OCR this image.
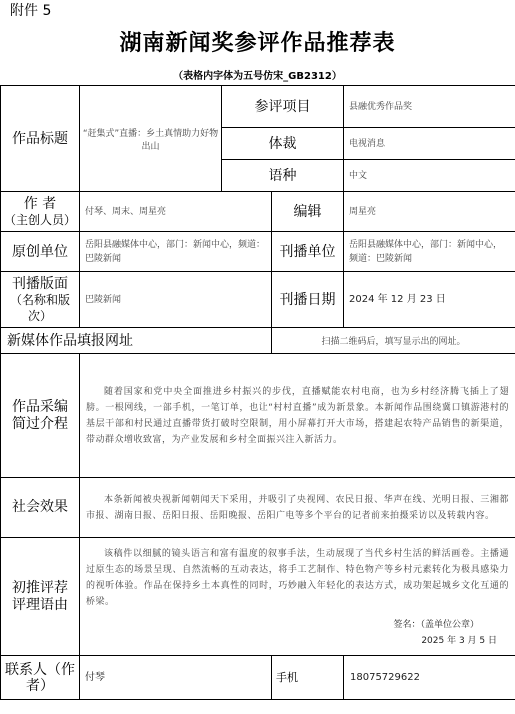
附件 5
湖南新闻奖参评作品推荐表
（表格内字体为五号仿宋_GB2312）
作品标题	“赶集式”直播：乡土真情助力好物出山	参评项目		县融优秀作品奖
		体裁		电视消息
		语种		中文

作 者
（主创人员）	付琴、周末、周星亮		编辑	周星亮
原创单位	岳阳县融媒体中心，部门：新闻中心，频道：巴陵新闻		刊播单位	岳阳县融媒体中心，部门：新闻中心，频道：巴陵新闻

刊播版面
（名称和版次）	巴陵新闻		刊播日期	2024 年 12 月 23 日
新媒体作品填报网址			扫描二维码后，填写显示出的网址。	
作品采编简过介程	随着国家和党中央全面推进乡村振兴的步伐，直播赋能农村电商，也为乡村经济腾飞插上了翅膀。一根网线，一部手机，一笔订单，也让“村村直播”成为新景象。本新闻作品围绕冀口镇游港村的基层干部和村民通过直播带货打破时空限制，用小屏幕打开大市场，搭建起农特产品销售的新渠道，带动群众增收致富，为产业发展和乡村全面振兴注入新活力。			
社会效果	本条新闻被央视新闻朝闻天下采用，并吸引了央视网、农民日报、华声在线、光明日报、三湘都市报、湖南日报、岳阳日报、岳阳晚报、岳阳广电等多个平台的记者前来拍摄采访以及转载内容。			
初推评荐评理语由	该稿件以细腻的镜头语言和富有温度的叙事手法，生动展现了当代乡村生活的鲜活画卷。主播通过原生态的场景呈现、自然流畅的互动表达，将手工艺制作、特色物产等乡村元素转化为极具感染力的视听体验。作品在保持乡土本真性的同时，巧妙融入年轻化的表达方式，成功架起城乡文化互通的桥梁。
签名：（盖单位公章）
2025 年 3 月 5 日			

联系人（作者）	付琴		手机	18075729622
